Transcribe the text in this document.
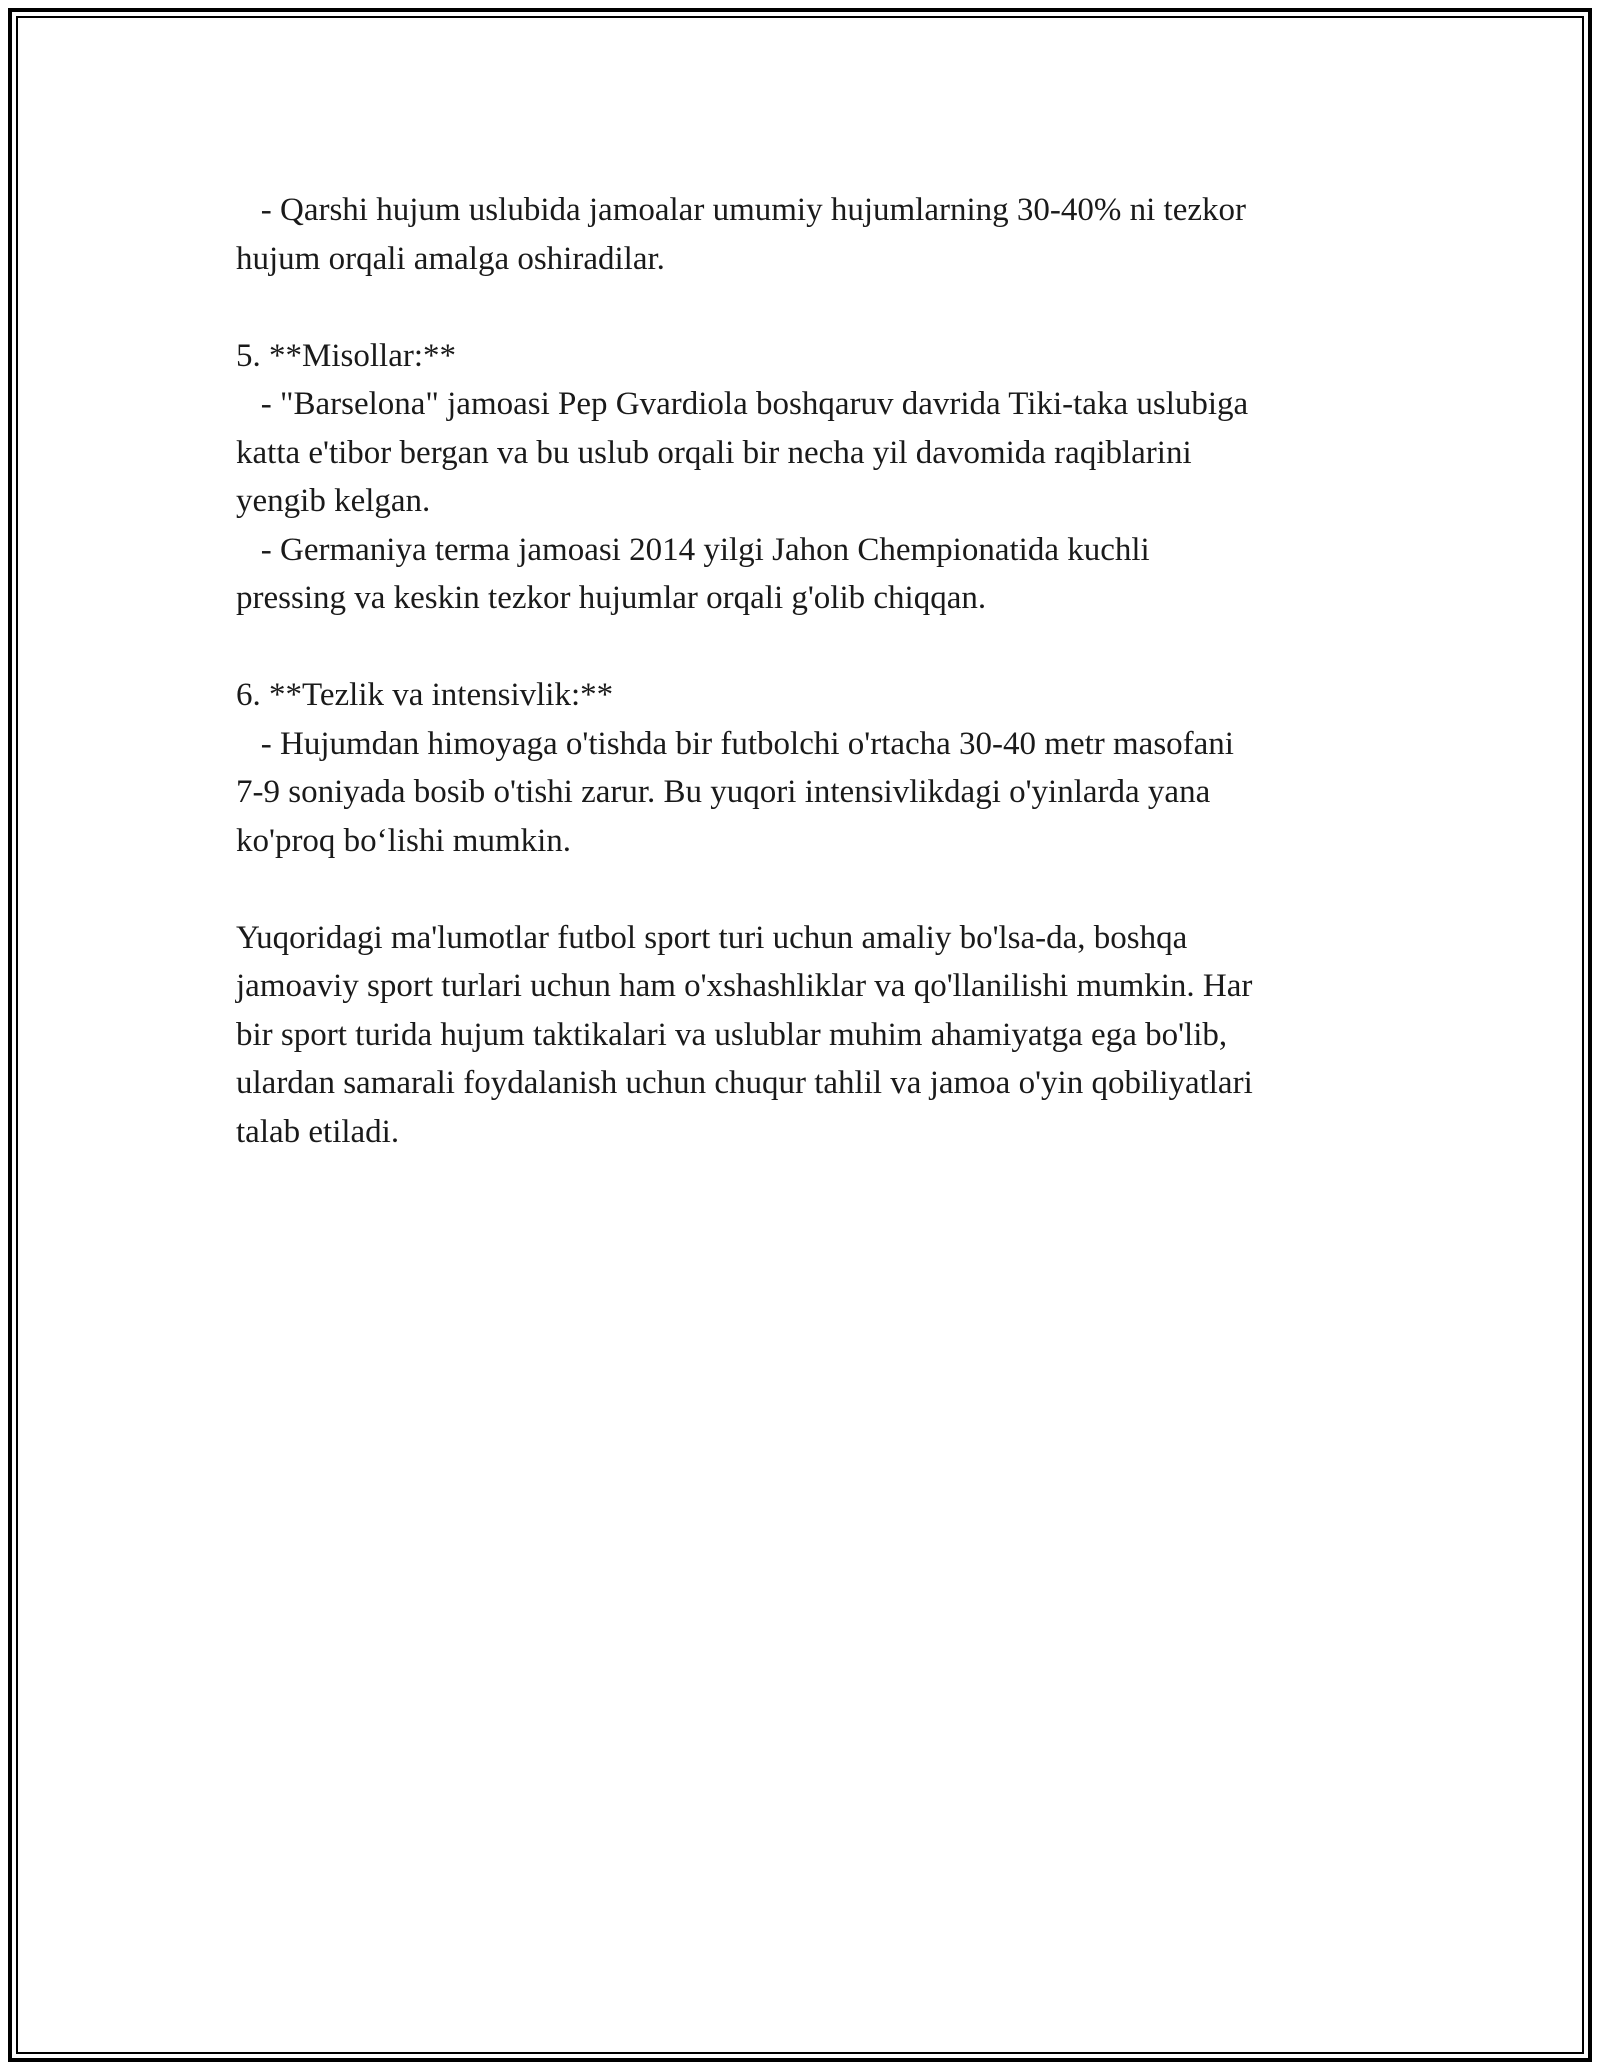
- Qarshi hujum uslubida jamoalar umumiy hujumlarning 30-40% ni tezkor
hujum orqali amalga oshiradilar.
5. **Misollar:**
- "Barselona" jamoasi Pep Gvardiola boshqaruv davrida Tiki-taka uslubiga
katta e'tibor bergan va bu uslub orqali bir necha yil davomida raqiblarini
yengib kelgan.
- Germaniya terma jamoasi 2014 yilgi Jahon Chempionatida kuchli
pressing va keskin tezkor hujumlar orqali g'olib chiqqan.
6. **Tezlik va intensivlik:**
- Hujumdan himoyaga o'tishda bir futbolchi o'rtacha 30-40 metr masofani
7-9 soniyada bosib o'tishi zarur. Bu yuqori intensivlikdagi o'yinlarda yana
ko'proq bo‘lishi mumkin.
Yuqoridagi ma'lumotlar futbol sport turi uchun amaliy bo'lsa-da, boshqa
jamoaviy sport turlari uchun ham o'xshashliklar va qo'llanilishi mumkin. Har
bir sport turida hujum taktikalari va uslublar muhim ahamiyatga ega bo'lib,
ulardan samarali foydalanish uchun chuqur tahlil va jamoa o'yin qobiliyatlari
talab etiladi.
